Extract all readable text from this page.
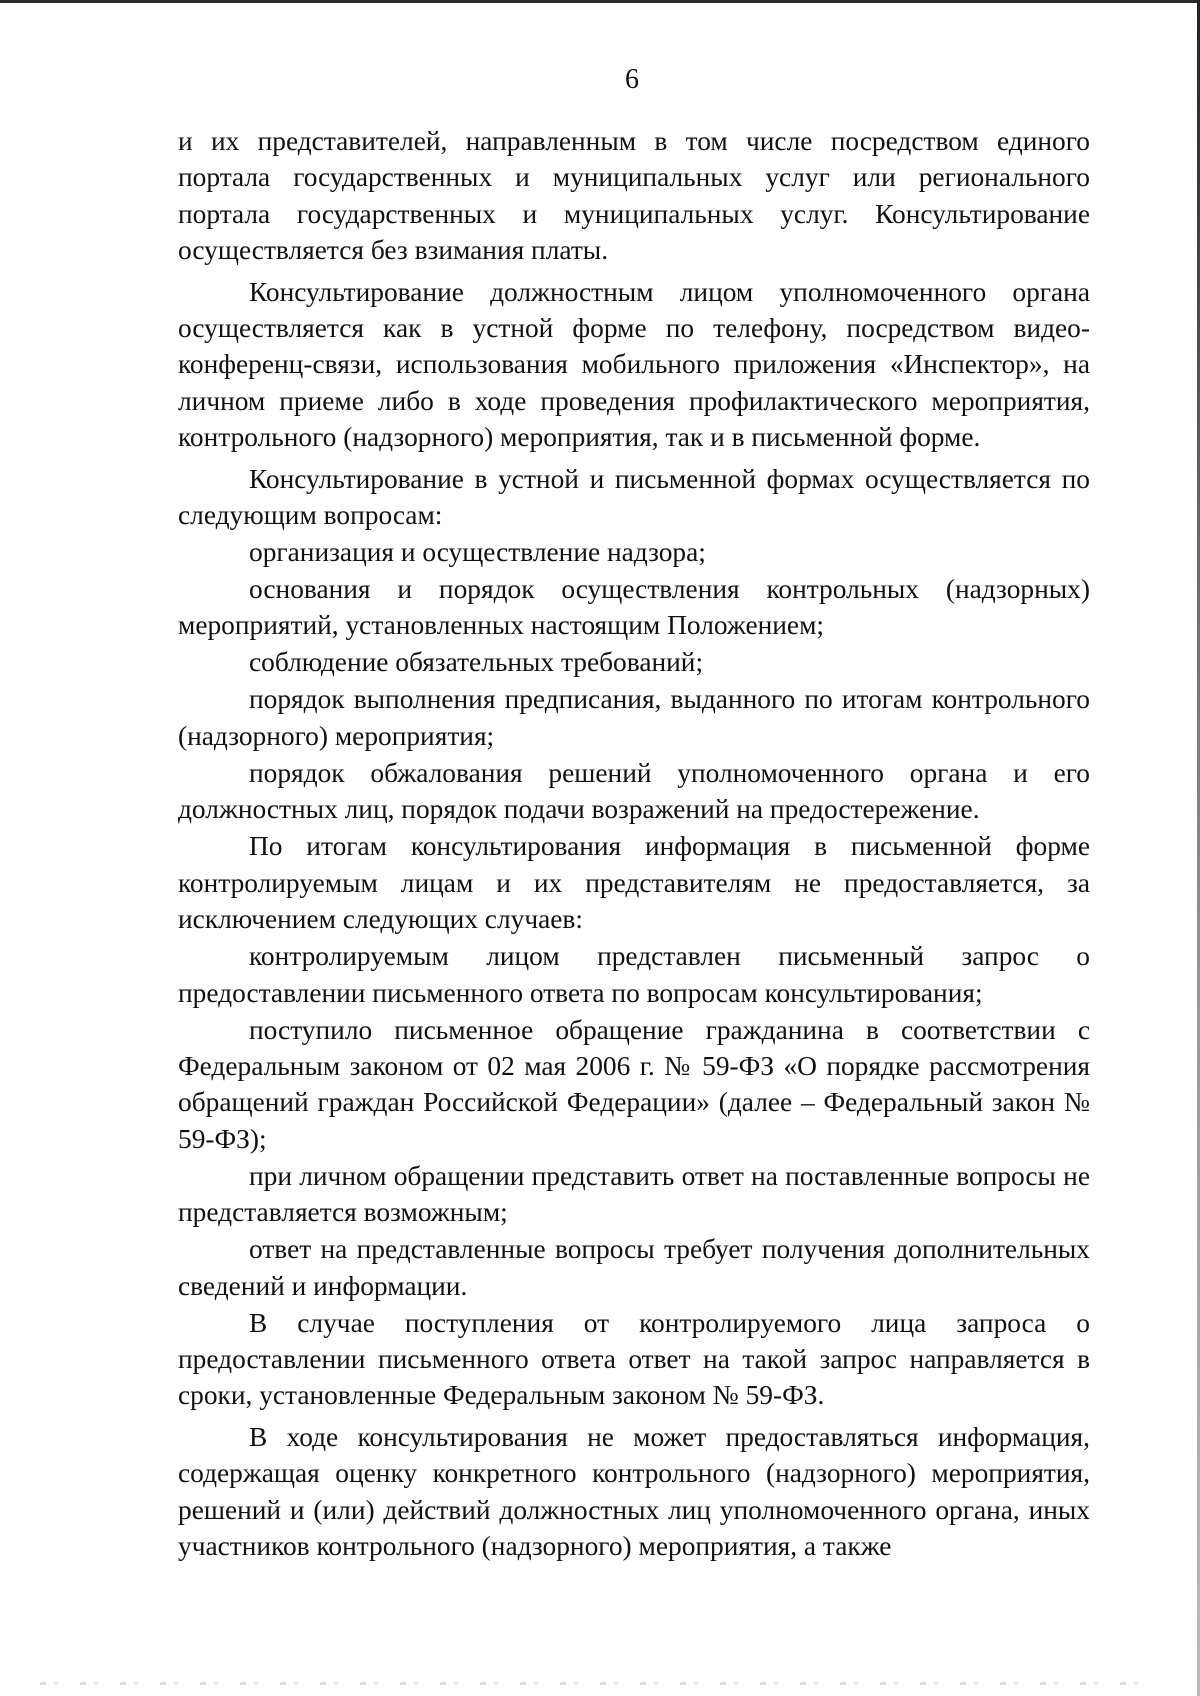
6

и их представителей, направленным в том числе посредством единого портала государственных и муниципальных услуг или регионального портала государственных и муниципальных услуг. Консультирование осуществляется без взимания платы.

Консультирование должностным лицом уполномоченного органа осуществляется как в устной форме по телефону, посредством видео-конференц-связи, использования мобильного приложения «Инспектор», на личном приеме либо в ходе проведения профилактического мероприятия, контрольного (надзорного) мероприятия, так и в письменной форме.

Консультирование в устной и письменной формах осуществляется по следующим вопросам:

организация и осуществление надзора;

основания и порядок осуществления контрольных (надзорных) мероприятий, установленных настоящим Положением;

соблюдение обязательных требований;

порядок выполнения предписания, выданного по итогам контрольного (надзорного) мероприятия;

порядок обжалования решений уполномоченного органа и его должностных лиц, порядок подачи возражений на предостережение.

По итогам консультирования информация в письменной форме контролируемым лицам и их представителям не предоставляется, за исключением следующих случаев:

контролируемым лицом представлен письменный запрос о предоставлении письменного ответа по вопросам консультирования;

поступило письменное обращение гражданина в соответствии с Федеральным законом от 02 мая 2006 г. № 59-ФЗ «О порядке рассмотрения обращений граждан Российской Федерации» (далее – Федеральный закон № 59-ФЗ);

при личном обращении представить ответ на поставленные вопросы не представляется возможным;

ответ на представленные вопросы требует получения дополнительных сведений и информации.

В случае поступления от контролируемого лица запроса о предоставлении письменного ответа ответ на такой запрос направляется в сроки, установленные Федеральным законом № 59-ФЗ.

В ходе консультирования не может предоставляться информация, содержащая оценку конкретного контрольного (надзорного) мероприятия, решений и (или) действий должностных лиц уполномоченного органа, иных участников контрольного (надзорного) мероприятия, а также
